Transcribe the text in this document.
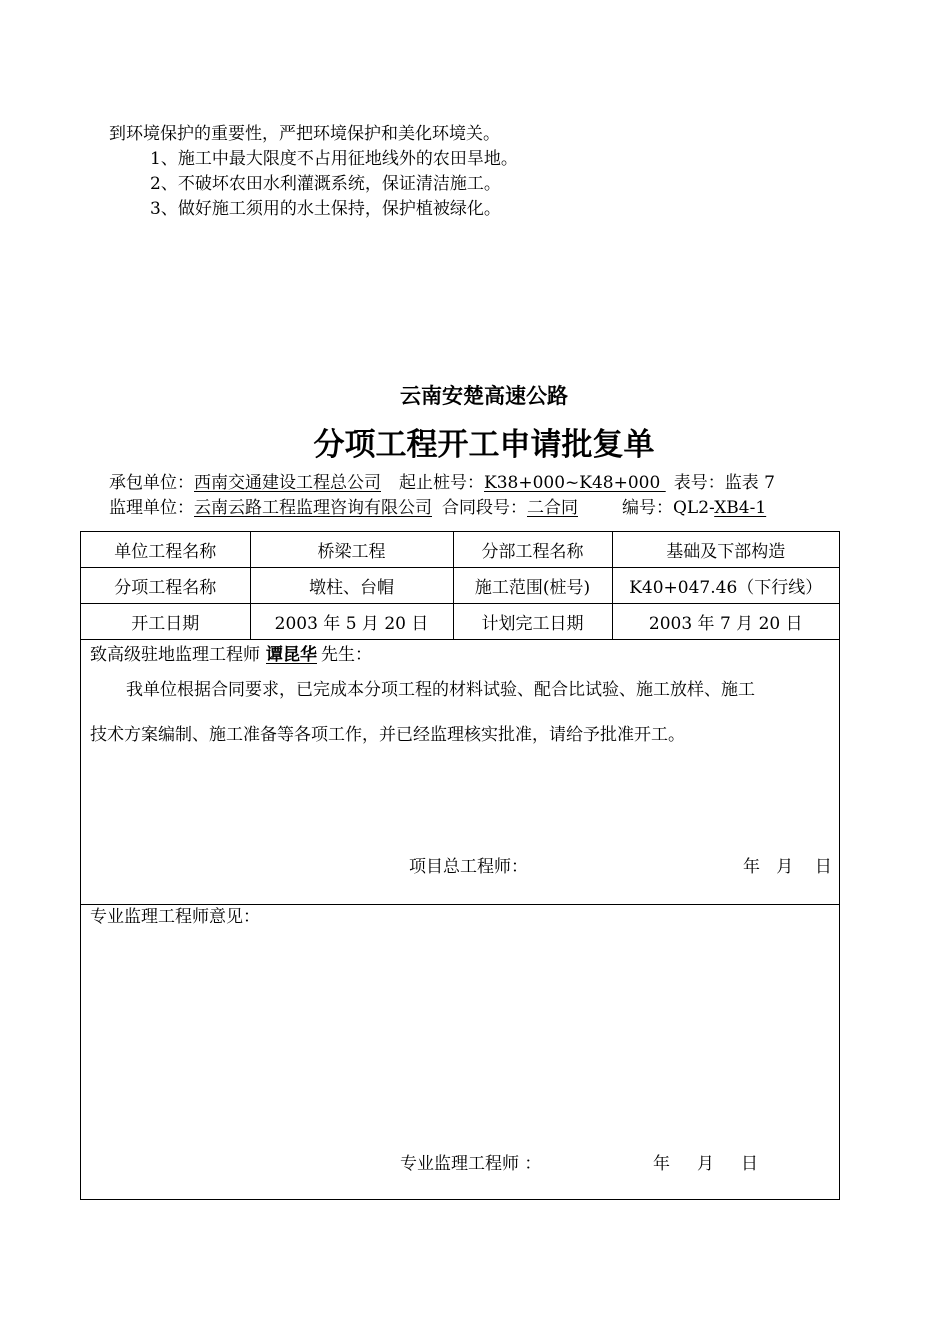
到环境保护的重要性，严把环境保护和美化环境关。
1、施工中最大限度不占用征地线外的农田旱地。
2、不破坏农田水利灌溉系统，保证清洁施工。
3、做好施工须用的水土保持，保护植被绿化。
云南安楚高速公路
分项工程开工申请批复单
承包单位：西南交通建设工程总公司 起止桩号：K38+000~K48+000 表号：监表 7
监理单位：云南云路工程监理咨询有限公司 合同段号：二合同	编号：QL2-XB4-1
单位工程名称	桥梁工程	分部工程名称	基础及下部构造
分项工程名称	墩柱、台帽	施工范围(桩号)	K40+047.46（下行线）
开工日期	2003 年 5 月 20 日	计划完工日期	2003 年 7 月 20 日
致高级驻地监理工程师 谭昆华 先生：
我单位根据合同要求，已完成本分项工程的材料试验、配合比试验、施工放样、施工
技术方案编制、施工准备等各项工作，并已经监理核实批准，请给予批准开工。
项目总工程师：	年   月    日
专业监理工程师意见：
专业监理工程师 ：	年     月     日
